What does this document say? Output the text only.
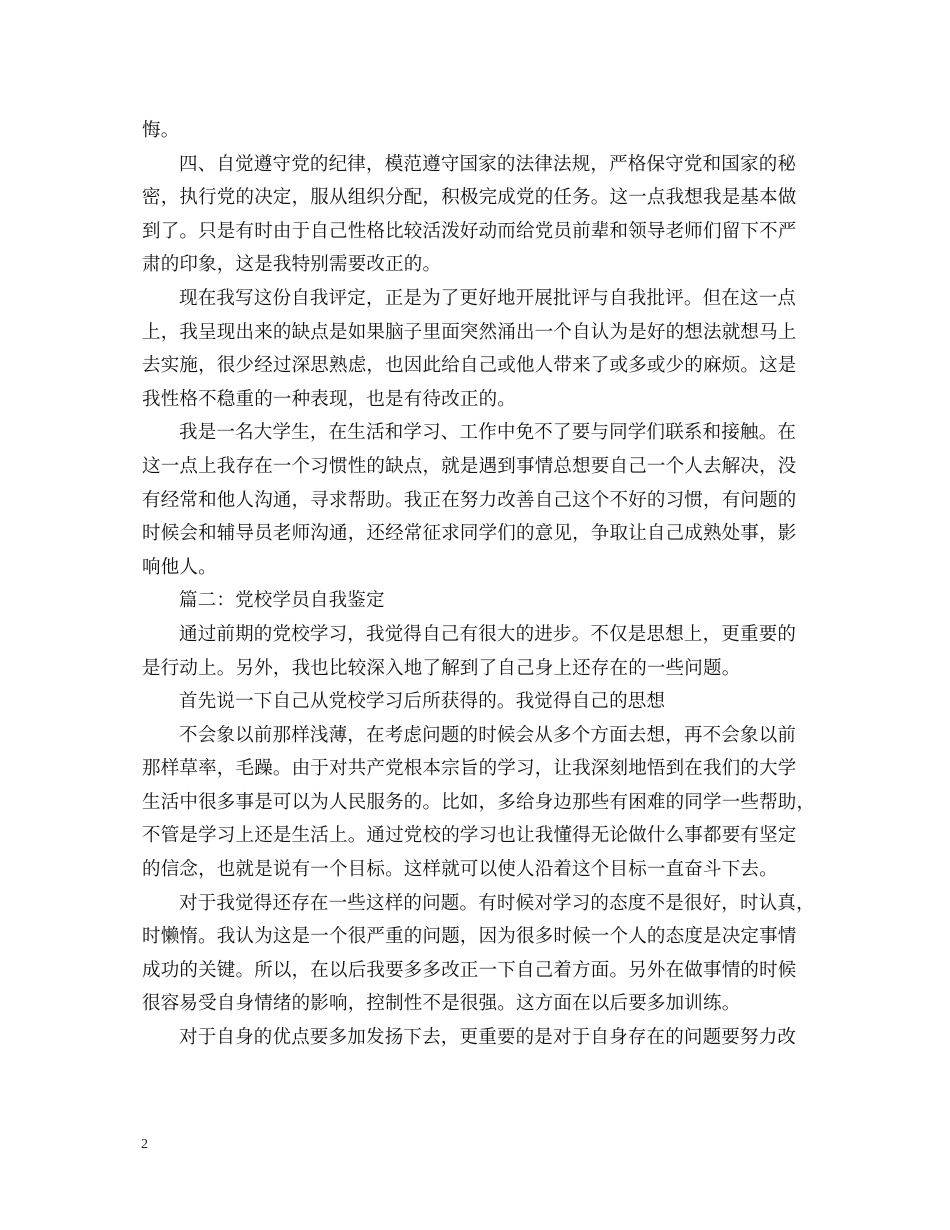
悔。
四、自觉遵守党的纪律，模范遵守国家的法律法规，严格保守党和国家的秘
密，执行党的决定，服从组织分配，积极完成党的任务。这一点我想我是基本做
到了。只是有时由于自己性格比较活泼好动而给党员前辈和领导老师们留下不严
肃的印象，这是我特别需要改正的。
现在我写这份自我评定，正是为了更好地开展批评与自我批评。但在这一点
上，我呈现出来的缺点是如果脑子里面突然涌出一个自认为是好的想法就想马上
去实施，很少经过深思熟虑，也因此给自己或他人带来了或多或少的麻烦。这是
我性格不稳重的一种表现，也是有待改正的。
我是一名大学生，在生活和学习、工作中免不了要与同学们联系和接触。在
这一点上我存在一个习惯性的缺点，就是遇到事情总想要自己一个人去解决，没
有经常和他人沟通，寻求帮助。我正在努力改善自己这个不好的习惯，有问题的
时候会和辅导员老师沟通，还经常征求同学们的意见，争取让自己成熟处事，影
响他人。
篇二：党校学员自我鉴定
通过前期的党校学习，我觉得自己有很大的进步。不仅是思想上，更重要的
是行动上。另外，我也比较深入地了解到了自己身上还存在的一些问题。
首先说一下自己从党校学习后所获得的。我觉得自己的思想
不会象以前那样浅薄，在考虑问题的时候会从多个方面去想，再不会象以前
那样草率，毛躁。由于对共产党根本宗旨的学习，让我深刻地悟到在我们的大学
生活中很多事是可以为人民服务的。比如，多给身边那些有困难的同学一些帮助，
不管是学习上还是生活上。通过党校的学习也让我懂得无论做什么事都要有坚定
的信念，也就是说有一个目标。这样就可以使人沿着这个目标一直奋斗下去。
对于我觉得还存在一些这样的问题。有时候对学习的态度不是很好，时认真，
时懒惰。我认为这是一个很严重的问题，因为很多时候一个人的态度是决定事情
成功的关键。所以，在以后我要多多改正一下自己着方面。另外在做事情的时候
很容易受自身情绪的影响，控制性不是很强。这方面在以后要多加训练。
对于自身的优点要多加发扬下去，更重要的是对于自身存在的问题要努力改
2
